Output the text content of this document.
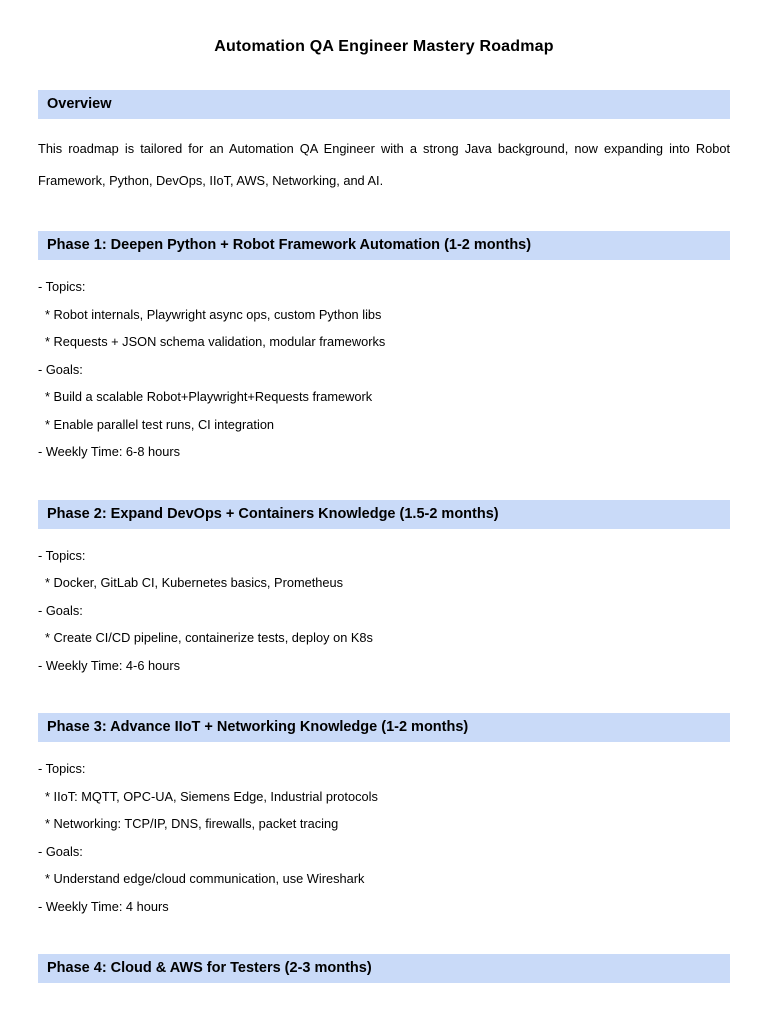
Automation QA Engineer Mastery Roadmap
Overview
This roadmap is tailored for an Automation QA Engineer with a strong Java background, now expanding into Robot Framework, Python, DevOps, IIoT, AWS, Networking, and AI.
Phase 1: Deepen Python + Robot Framework Automation (1-2 months)
- Topics:
* Robot internals, Playwright async ops, custom Python libs
* Requests + JSON schema validation, modular frameworks
- Goals:
* Build a scalable Robot+Playwright+Requests framework
* Enable parallel test runs, CI integration
- Weekly Time: 6-8 hours
Phase 2: Expand DevOps + Containers Knowledge (1.5-2 months)
- Topics:
* Docker, GitLab CI, Kubernetes basics, Prometheus
- Goals:
* Create CI/CD pipeline, containerize tests, deploy on K8s
- Weekly Time: 4-6 hours
Phase 3: Advance IIoT + Networking Knowledge (1-2 months)
- Topics:
* IIoT: MQTT, OPC-UA, Siemens Edge, Industrial protocols
* Networking: TCP/IP, DNS, firewalls, packet tracing
- Goals:
* Understand edge/cloud communication, use Wireshark
- Weekly Time: 4 hours
Phase 4: Cloud & AWS for Testers (2-3 months)
